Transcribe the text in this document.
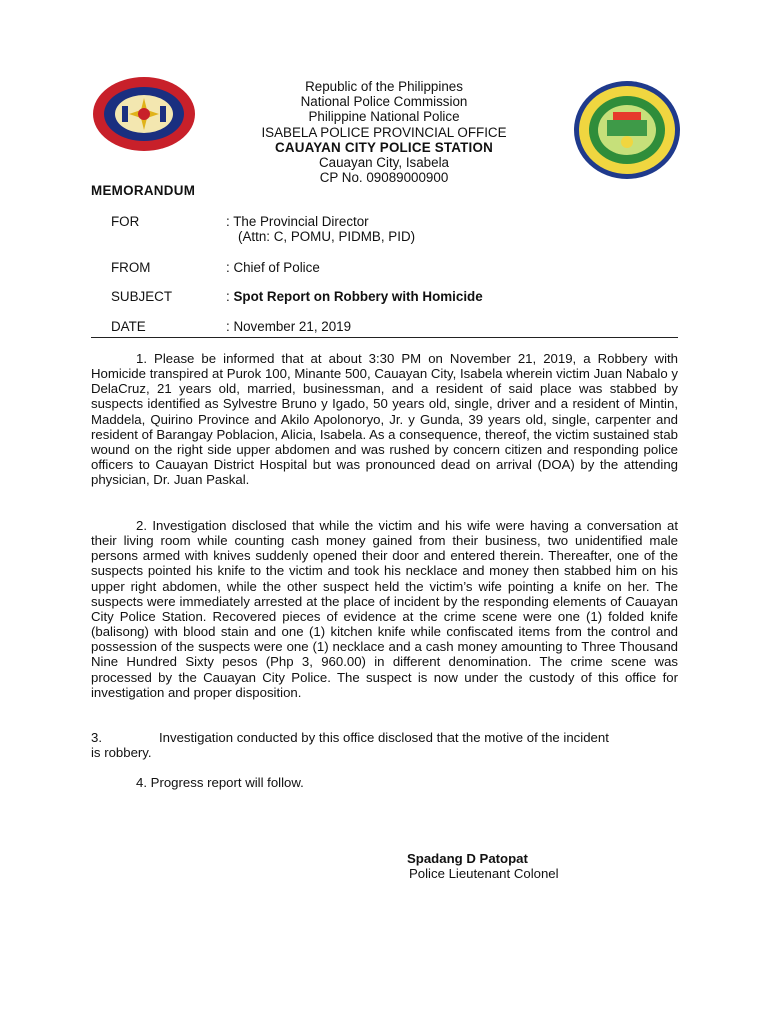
Republic of the Philippines
National Police Commission
Philippine National Police
ISABELA POLICE PROVINCIAL OFFICE
CAUAYAN CITY POLICE STATION
Cauayan City, Isabela
CP No. 09089000900
MEMORANDUM
FOR	: The Provincial Director
(Attn: C, POMU, PIDMB, PID)
FROM	: Chief of Police
SUBJECT	: Spot Report on Robbery with Homicide
DATE	: November 21, 2019

1. Please be informed that at about 3:30 PM on November 21, 2019, a Robbery with Homicide transpired at Purok 100, Minante 500, Cauayan City, Isabela wherein victim Juan Nabalo y DelaCruz, 21 years old, married, businessman, and a resident of said place was stabbed by suspects identified as Sylvestre Bruno y Igado, 50 years old, single, driver and a resident of Mintin, Maddela, Quirino Province and Akilo Apolonoryo, Jr. y Gunda, 39 years old, single, carpenter and resident of Barangay Poblacion, Alicia, Isabela. As a consequence, thereof, the victim sustained stab wound on the right side upper abdomen and was rushed by concern citizen and responding police officers to Cauayan District Hospital but was pronounced dead on arrival (DOA) by the attending physician, Dr. Juan Paskal.

2. Investigation disclosed that while the victim and his wife were having a conversation at their living room while counting cash money gained from their business, two unidentified male persons armed with knives suddenly opened their door and entered therein. Thereafter, one of the suspects pointed his knife to the victim and took his necklace and money then stabbed him on his upper right abdomen, while the other suspect held the victim’s wife pointing a knife on her. The suspects were immediately arrested at the place of incident by the responding elements of Cauayan City Police Station. Recovered pieces of evidence at the crime scene were one (1) folded knife (balisong) with blood stain and one (1) kitchen knife while confiscated items from the control and possession of the suspects were one (1) necklace and a cash money amounting to Three Thousand Nine Hundred Sixty pesos (Php 3, 960.00) in different denomination. The crime scene was processed by the Cauayan City Police. The suspect is now under the custody of this office for investigation and proper disposition.

3.	Investigation conducted by this office disclosed that the motive of the incident
is robbery.
4. Progress report will follow.
Spadang D Patopat
Police Lieutenant Colonel
